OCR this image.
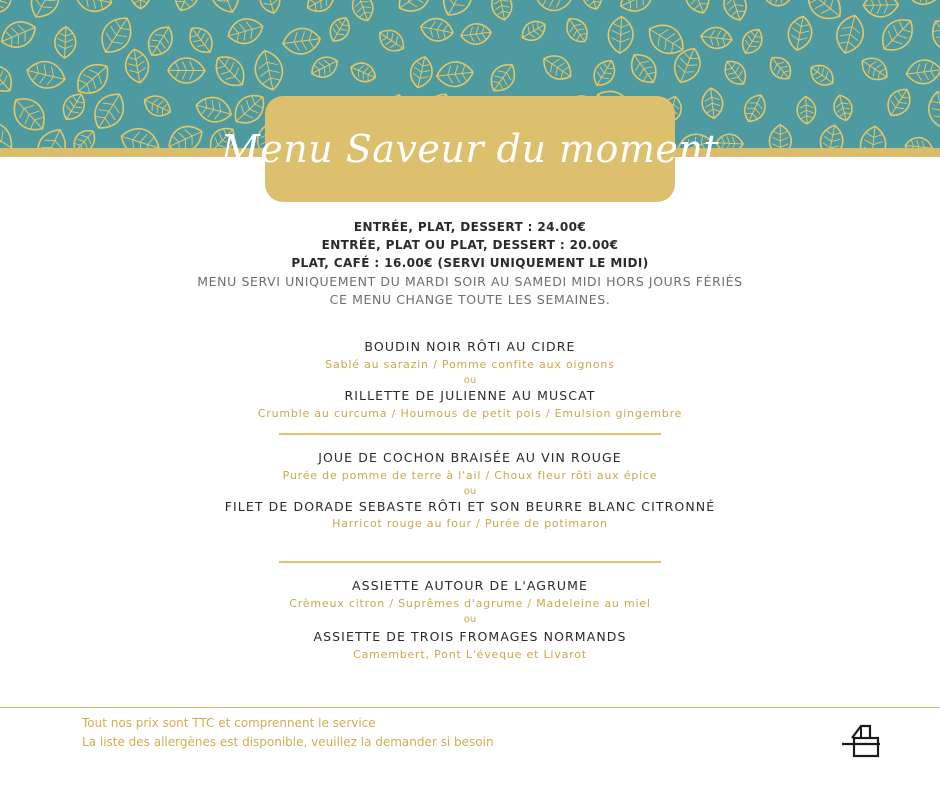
Menu Saveur du moment
ENTRÉE, PLAT, DESSERT : 24.00€
ENTRÉE, PLAT OU PLAT, DESSERT : 20.00€
PLAT, CAFÉ : 16.00€ (SERVI UNIQUEMENT LE MIDI)
MENU SERVI UNIQUEMENT DU MARDI SOIR AU SAMEDI MIDI HORS JOURS FÉRIÉS
CE MENU CHANGE TOUTE LES SEMAINES.
BOUDIN NOIR RÔTI AU CIDRE
Sablé au sarazin / Pomme confite aux oignons
ou
RILLETTE DE JULIENNE AU MUSCAT
Crumble au curcuma / Houmous de petit pois / Emulsion gingembre
JOUE DE COCHON BRAISÉE AU VIN ROUGE
Purée de pomme de terre à l'ail / Choux fleur rôti aux épice
ou
FILET DE DORADE SEBASTE RÔTI ET SON BEURRE BLANC CITRONNÉ
Harricot rouge au four / Purée de potimaron
ASSIETTE AUTOUR DE L'AGRUME
Crèmeux citron / Suprêmes d'agrume / Madeleine au miel
ou
ASSIETTE DE TROIS FROMAGES NORMANDS
Camembert, Pont L'éveque et Livarot
Tout nos prix sont TTC et comprennent le service
La liste des allergènes est disponible, veuillez la demander si besoin
